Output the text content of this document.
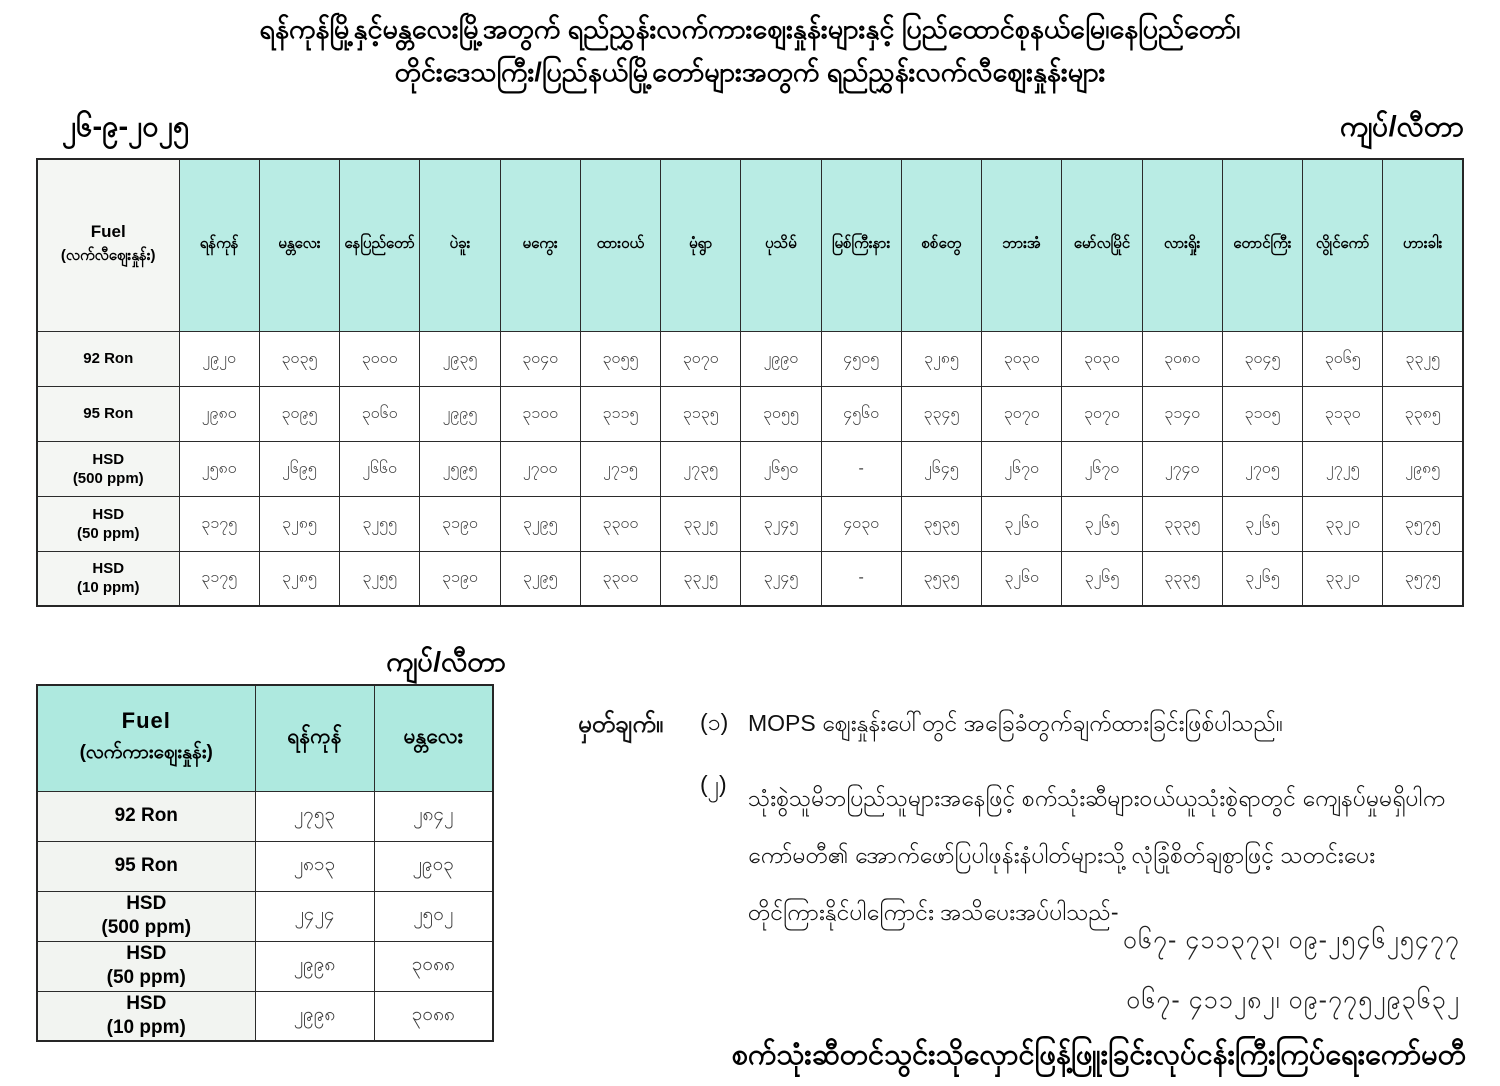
ရန်ကုန်မြို့နှင့်မန္တလေးမြို့အတွက် ရည်ညွှန်းလက်ကားဈေးနှုန်းများနှင့် ပြည်ထောင်စုနယ်မြေ၊နေပြည်တော်၊
တိုင်းဒေသကြီး/ပြည်နယ်မြို့တော်များအတွက် ရည်ညွှန်းလက်လီဈေးနှုန်းများ
၂၆-၉-၂၀၂၅	ကျပ်/လီတာ
Fuel
(လက်လီဈေးနှုန်း)	ရန်ကုန်	မန္တလေး	နေပြည်တော်	ပဲခူး	မကွေး	ထားဝယ်	မုံရွာ	ပုသိမ်	မြစ်ကြီးနား	စစ်တွေ	ဘားအံ	မော်လမြိုင်	လားရှိုး	တောင်ကြီး	လွိုင်ကော်	ဟားခါး

92 Ron	၂၉၂၀	၃၀၃၅	၃၀၀၀	၂၉၃၅	၃၀၄၀	၃၀၅၅	၃၀၇၀	၂၉၉၀	၄၅၀၅	၃၂၈၅	၃၀၃၀	၃၀၃၀	၃၀၈၀	၃၀၄၅	၃၀၆၅	၃၃၂၅

95 Ron	၂၉၈၀	၃၀၉၅	၃၀၆၀	၂၉၉၅	၃၁၀၀	၃၁၁၅	၃၁၃၅	၃၀၅၅	၄၅၆၀	၃၃၄၅	၃၀၇၀	၃၀၇၀	၃၁၄၀	၃၁၀၅	၃၁၃၀	၃၃၈၅

HSD
(500 ppm)	၂၅၈၀	၂၆၉၅	၂၆၆၀	၂၅၉၅	၂၇၀၀	၂၇၁၅	၂၇၃၅	၂၆၅၀	-	၂၆၄၅	၂၆၇၀	၂၆၇၀	၂၇၄၀	၂၇၀၅	၂၇၂၅	၂၉၈၅

HSD
(50 ppm)	၃၁၇၅	၃၂၈၅	၃၂၅၅	၃၁၉၀	၃၂၉၅	၃၃၀၀	၃၃၂၅	၃၂၄၅	၄၀၃၀	၃၅၃၅	၃၂၆၀	၃၂၆၅	၃၃၃၅	၃၂၆၅	၃၃၂၀	၃၅၇၅

HSD
(10 ppm)	၃၁၇၅	၃၂၈၅	၃၂၅၅	၃၁၉၀	၃၂၉၅	၃၃၀၀	၃၃၂၅	၃၂၄၅	-	၃၅၃၅	၃၂၆၀	၃၂၆၅	၃၃၃၅	၃၂၆၅	၃၃၂၀	၃၅၇၅
ကျပ်/လီတာ
Fuel
(လက်ကားဈေးနှုန်း)	ရန်ကုန်	မန္တလေး

92 Ron	၂၇၅၃	၂၈၄၂

95 Ron	၂၈၁၃	၂၉၀၃

HSD
(500 ppm)	၂၄၂၄	၂၅၀၂

HSD
(50 ppm)	၂၉၉၈	၃၀၈၈

HSD
(10 ppm)	၂၉၉၈	၃၀၈၈
မှတ်ချက်။	(၁) MOPS ဈေးနှုန်းပေါ်တွင် အခြေခံတွက်ချက်ထားခြင်းဖြစ်ပါသည်။
(၂)
သုံးစွဲသူမိဘပြည်သူများအနေဖြင့် စက်သုံးဆီများဝယ်ယူသုံးစွဲရာတွင် ကျေနပ်မှုမရှိပါက
ကော်မတီ၏ အောက်ဖော်ပြပါဖုန်းနံပါတ်များသို့ လုံခြုံစိတ်ချစွာဖြင့် သတင်းပေး
တိုင်ကြားနိုင်ပါကြောင်း အသိပေးအပ်ပါသည်-
၀၆၇- ၄၁၁၃၇၃၊ ၀၉-၂၅၄၆၂၅၄၇၇
၀၆၇- ၄၁၁၂၈၂၊ ၀၉-၇၇၅၂၉၃၆၃၂
စက်သုံးဆီတင်သွင်းသိုလှောင်ဖြန့်ဖြူးခြင်းလုပ်ငန်းကြီးကြပ်ရေးကော်မတီ
